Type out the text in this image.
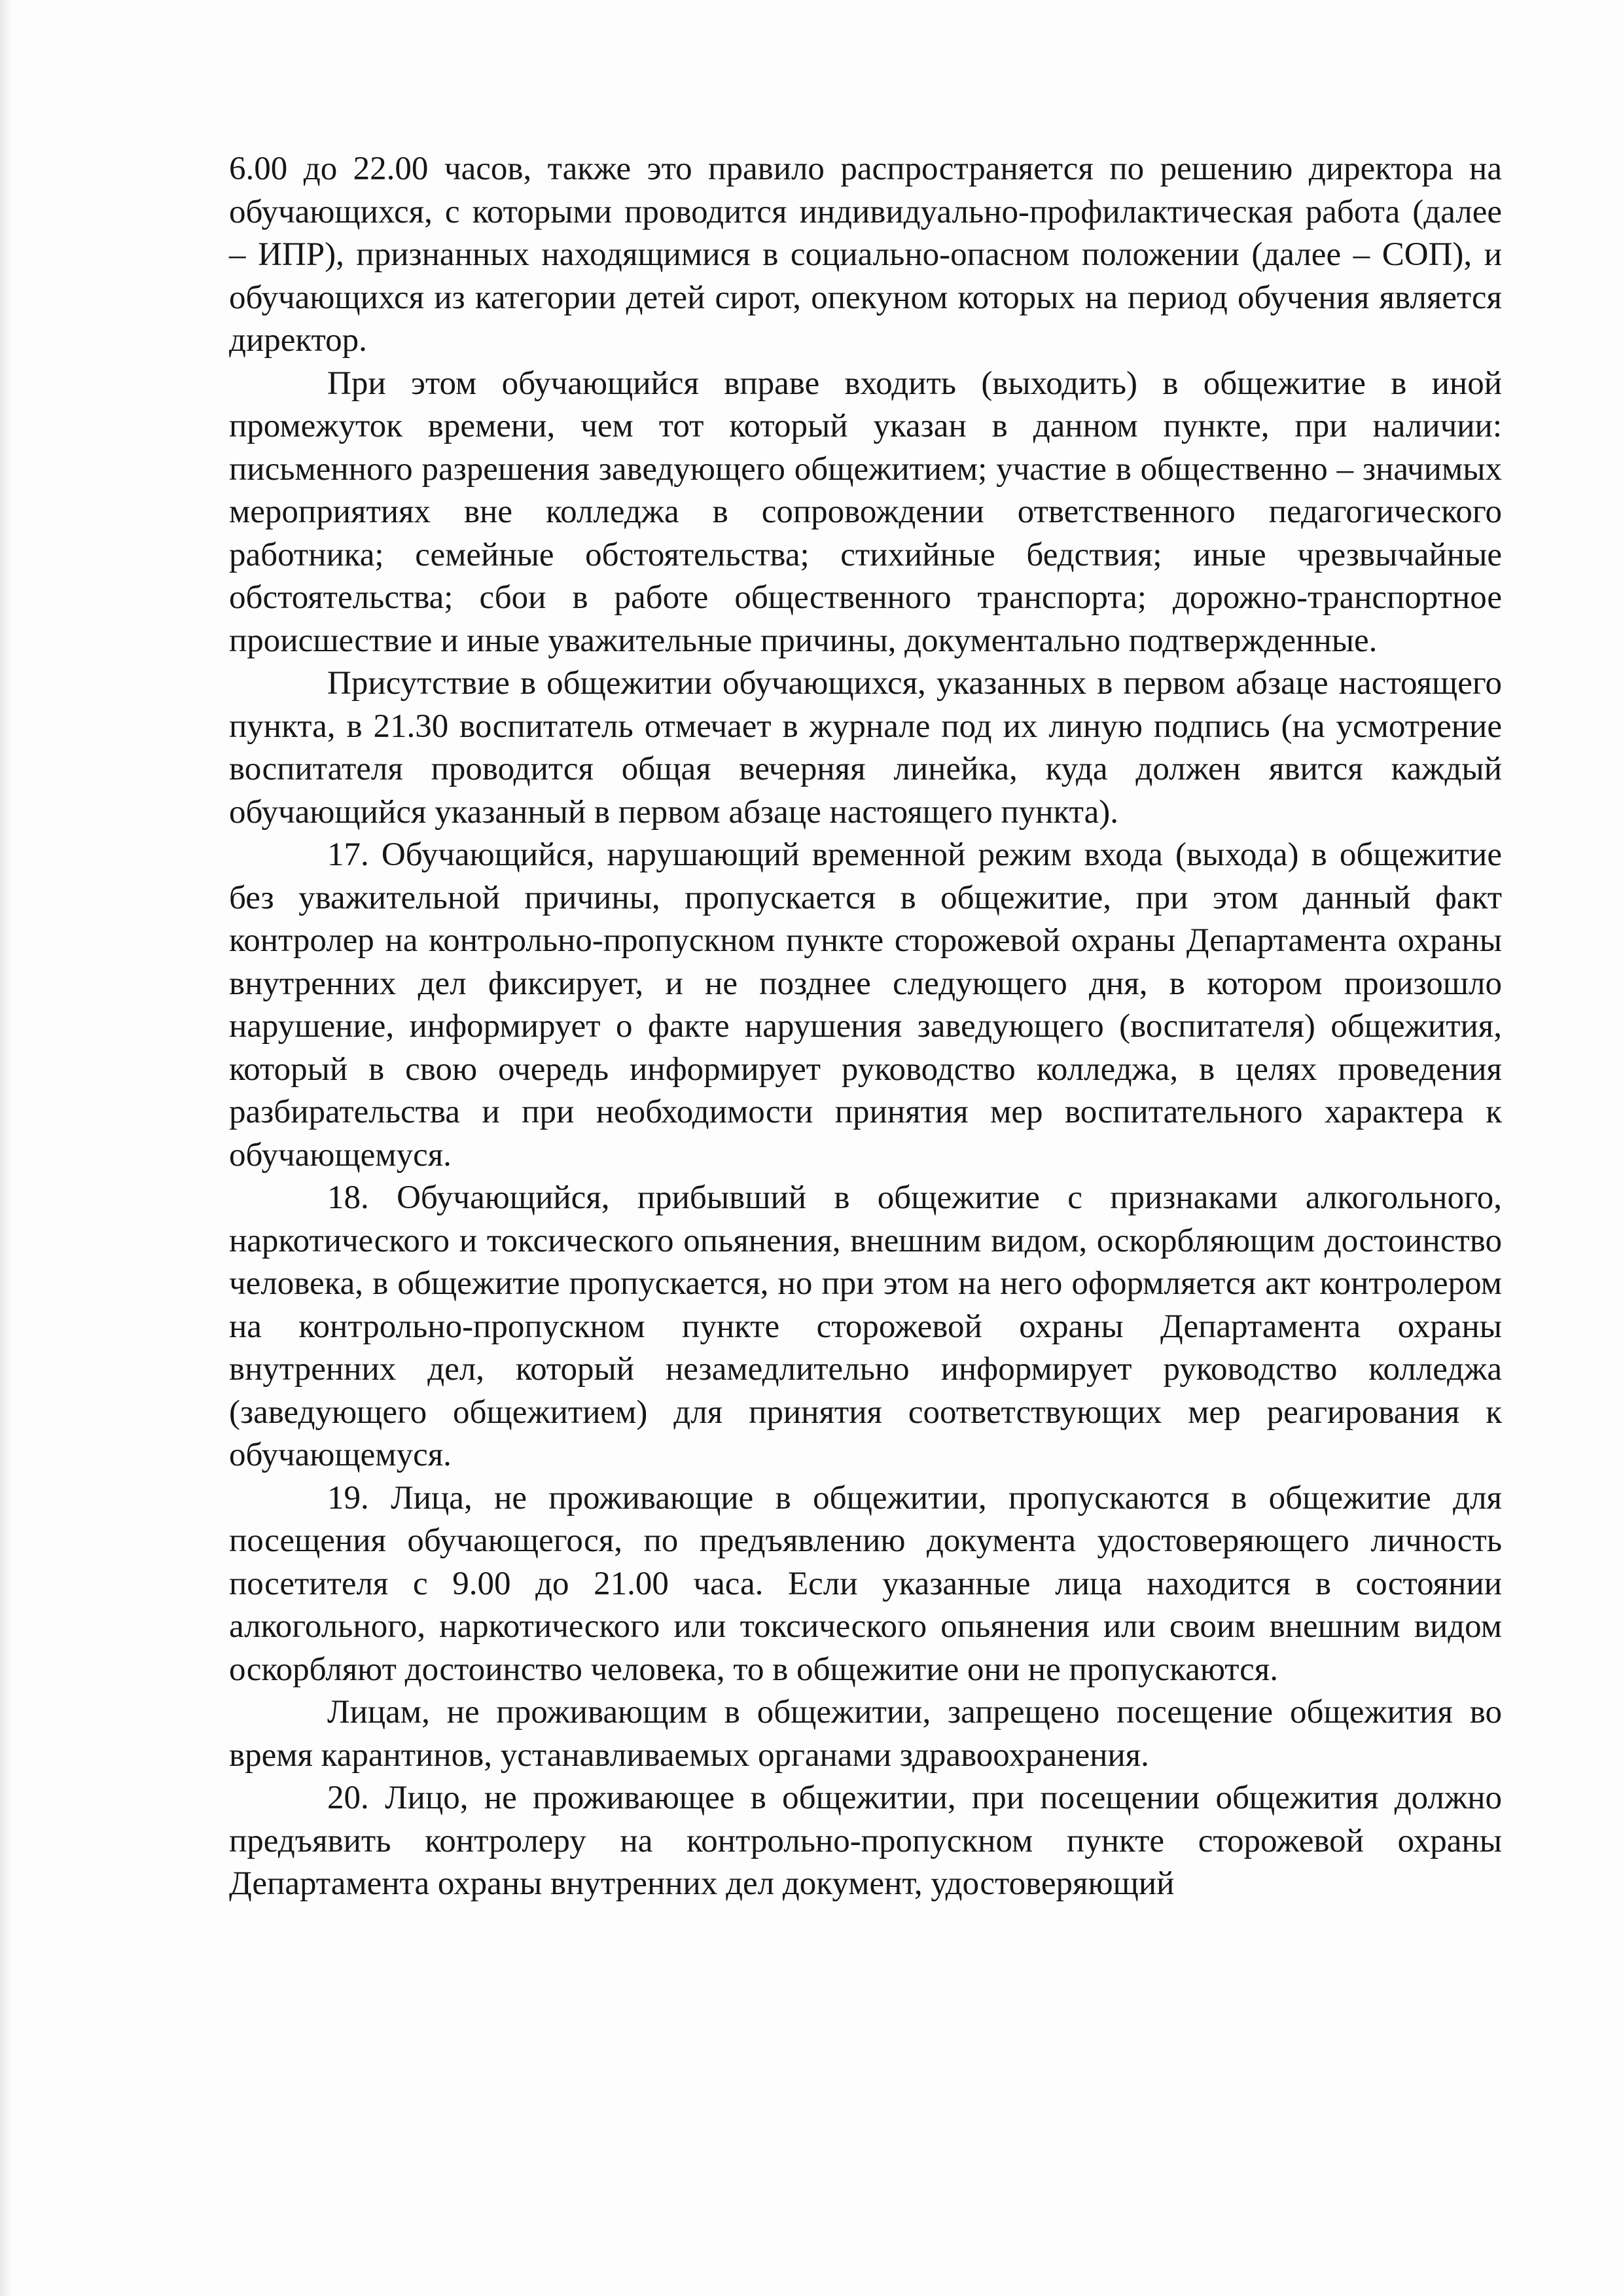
6.00 до 22.00 часов, также это правило распространяется по решению директора на обучающихся, с которыми проводится индивидуально-профилактическая работа (далее – ИПР), признанных находящимися в социально-опасном положении (далее – СОП), и обучающихся из категории детей сирот, опекуном которых на период обучения является директор.

При этом обучающийся вправе входить (выходить) в общежитие в иной промежуток времени, чем тот который указан в данном пункте, при наличии: письменного разрешения заведующего общежитием; участие в общественно – значимых мероприятиях вне колледжа в сопровождении ответственного педагогического работника; семейные обстоятельства; стихийные бедствия; иные чрезвычайные обстоятельства; сбои в работе общественного транспорта; дорожно-транспортное происшествие и иные уважительные причины, документально подтвержденные.

Присутствие в общежитии обучающихся, указанных в первом абзаце настоящего пункта, в 21.30 воспитатель отмечает в журнале под их линую подпись (на усмотрение воспитателя проводится общая вечерняя линейка, куда должен явится каждый обучающийся указанный в первом абзаце настоящего пункта).

17. Обучающийся, нарушающий временной режим входа (выхода) в общежитие без уважительной причины, пропускается в общежитие, при этом данный факт контролер на контрольно-пропускном пункте сторожевой охраны Департамента охраны внутренних дел фиксирует, и не позднее следующего дня, в котором произошло нарушение, информирует о факте нарушения заведующего (воспитателя) общежития, который в свою очередь информирует руководство колледжа, в целях проведения разбирательства и при необходимости принятия мер воспитательного характера к обучающемуся.

18. Обучающийся, прибывший в общежитие с признаками алкогольного, наркотического и токсического опьянения, внешним видом, оскорбляющим достоинство человека, в общежитие пропускается, но при этом на него оформляется акт контролером на контрольно-пропускном пункте сторожевой охраны Департамента охраны внутренних дел, который незамедлительно информирует руководство колледжа (заведующего общежитием) для принятия соответствующих мер реагирования к обучающемуся.

19. Лица, не проживающие в общежитии, пропускаются в общежитие для посещения обучающегося, по предъявлению документа удостоверяющего личность посетителя с 9.00 до 21.00 часа. Если указанные лица находится в состоянии алкогольного, наркотического или токсического опьянения или своим внешним видом оскорбляют достоинство человека, то в общежитие они не пропускаются.

Лицам, не проживающим в общежитии, запрещено посещение общежития во время карантинов, устанавливаемых органами здравоохранения.

20. Лицо, не проживающее в общежитии, при посещении общежития должно предъявить контролеру на контрольно-пропускном пункте сторожевой охраны Департамента охраны внутренних дел документ, удостоверяющий
